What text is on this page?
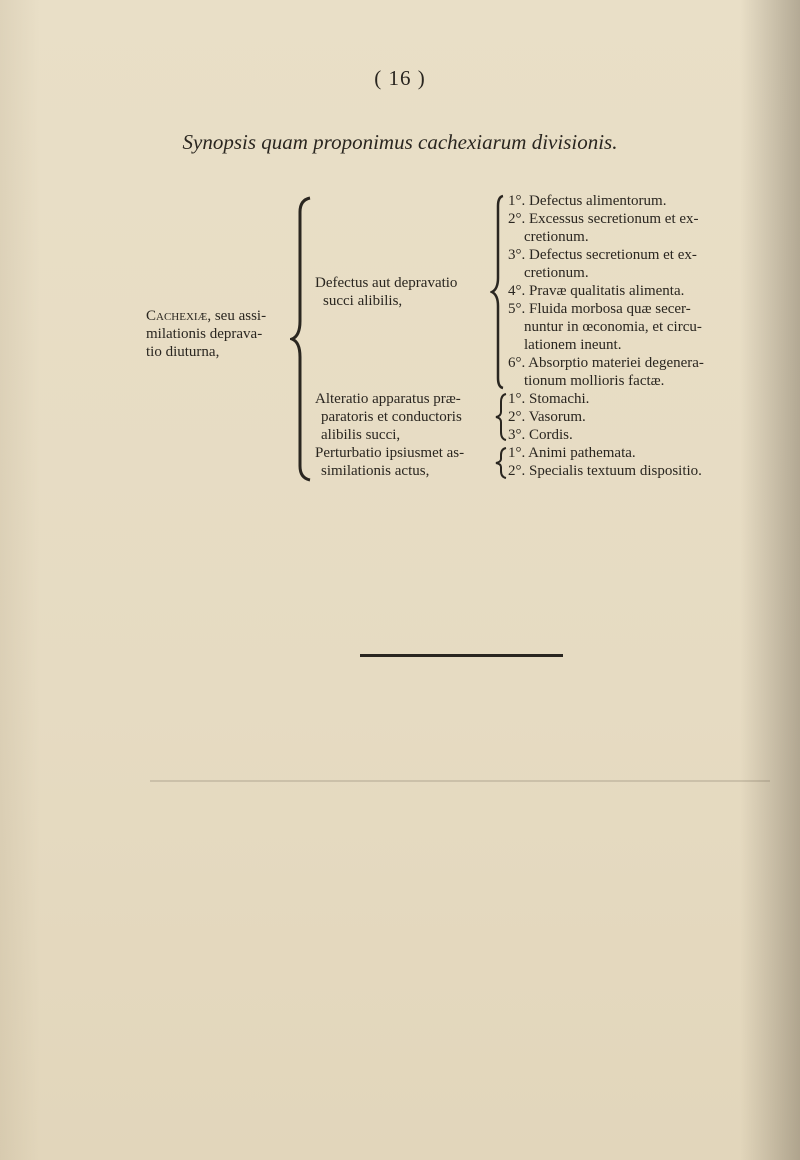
( 16 )
Synopsis quam proponimus cachexiarum divisionis.
Cachexiæ, seu assi-
milationis deprava-
tio diuturna,
Defectus aut depravatio
succi alibilis,
1°. Defectus alimentorum.
2°. Excessus secretionum et ex-
cretionum.
3°. Defectus secretionum et ex-
cretionum.
4°. Pravæ qualitatis alimenta.
5°. Fluida morbosa quæ secer-
nuntur in œconomia, et circu-
lationem ineunt.
6°. Absorptio materiei degenera-
tionum mollioris factæ.
Alteratio apparatus præ-
paratoris et conductoris
alibilis succi,
1°. Stomachi.
2°. Vasorum.
3°. Cordis.
Perturbatio ipsiusmet as-
similationis actus,
1°. Animi pathemata.
2°. Specialis textuum dispositio.
